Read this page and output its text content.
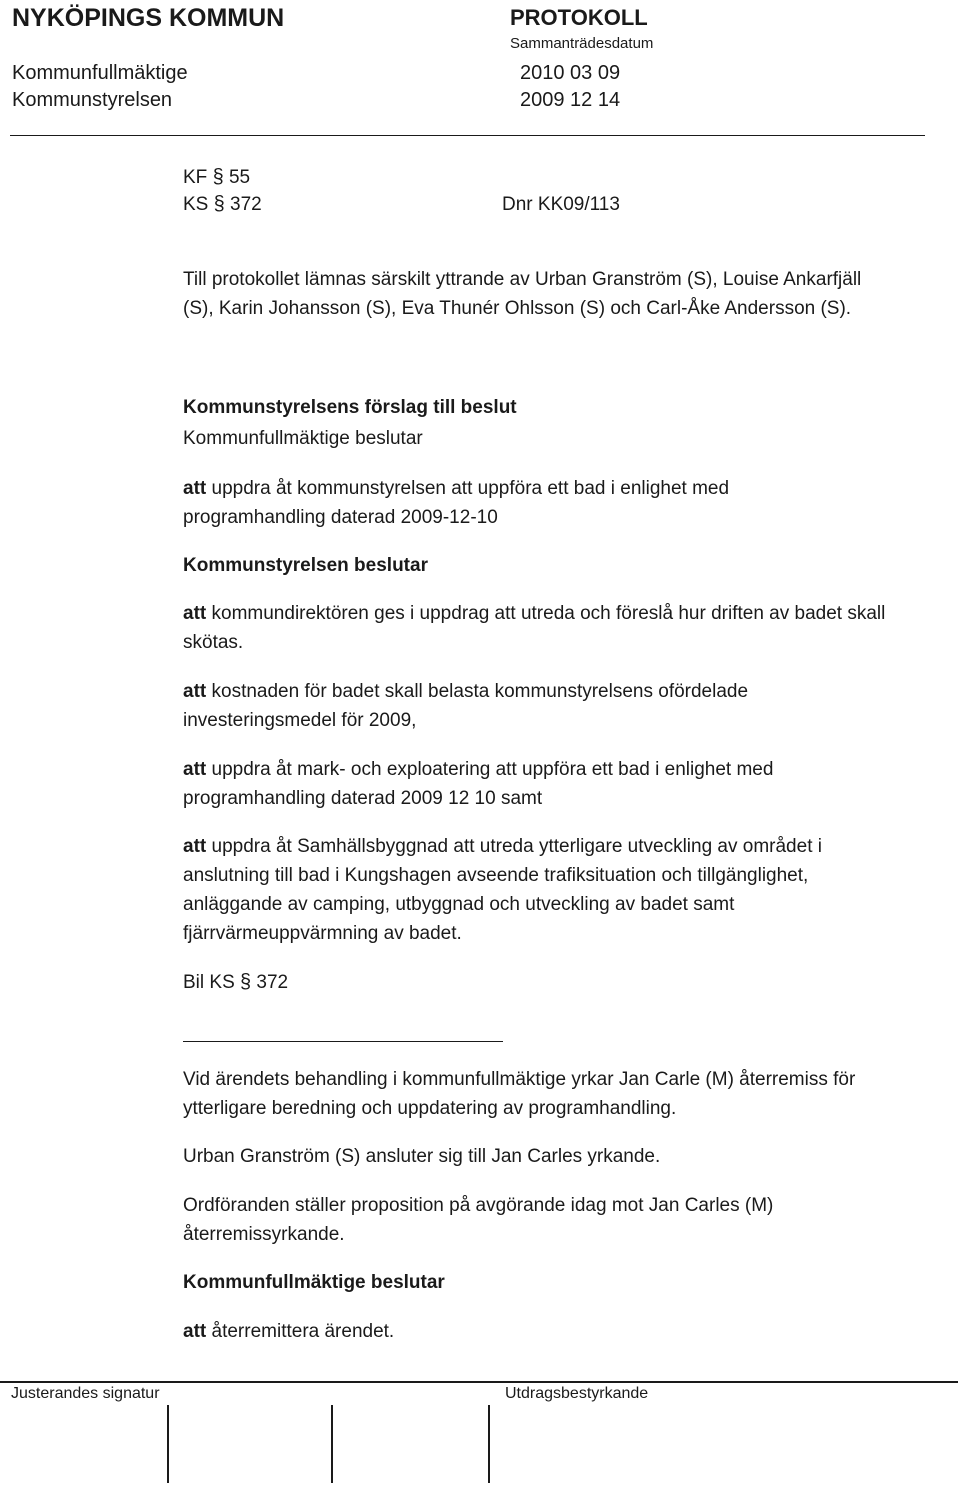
NYKÖPINGS KOMMUN	PROTOKOLL
Sammanträdesdatum
Kommunfullmäktige	2010 03 09
Kommunstyrelsen	2009 12 14
KF § 55
KS § 372	Dnr KK09/113
Till protokollet lämnas särskilt yttrande av Urban Granström (S), Louise Ankarfjäll (S), Karin Johansson (S), Eva Thunér Ohlsson (S) och Carl-Åke Andersson (S).
Kommunstyrelsens förslag till beslut
Kommunfullmäktige beslutar
att uppdra åt kommunstyrelsen att uppföra ett bad i enlighet med programhandling daterad 2009-12-10
Kommunstyrelsen beslutar
att kommundirektören ges i uppdrag att utreda och föreslå hur driften av badet skall skötas.
att kostnaden för badet skall belasta kommunstyrelsens ofördelade investeringsmedel för 2009,
att uppdra åt mark- och exploatering att uppföra ett bad i enlighet med programhandling daterad 2009 12 10 samt
att uppdra åt Samhällsbyggnad att utreda ytterligare utveckling av området i anslutning till bad i Kungshagen avseende trafiksituation och tillgänglighet, anläggande av camping, utbyggnad och utveckling av badet samt fjärrvärmeuppvärmning av badet.
Bil KS § 372
Vid ärendets behandling i kommunfullmäktige yrkar Jan Carle (M) återremiss för ytterligare beredning och uppdatering av programhandling.
Urban Granström (S) ansluter sig till Jan Carles yrkande.
Ordföranden ställer proposition på avgörande idag mot Jan Carles (M) återremissyrkande.
Kommunfullmäktige beslutar
att återremittera ärendet.
Justerandes signatur	Utdragsbestyrkande
